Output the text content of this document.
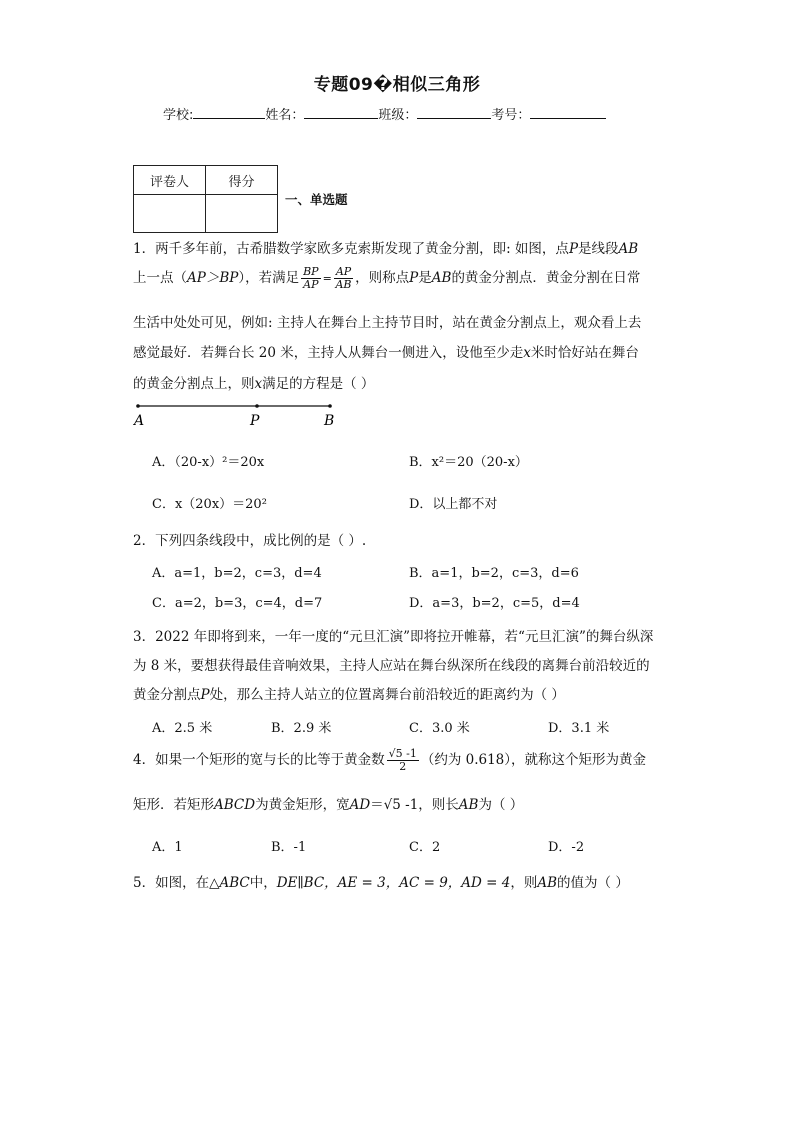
专题09�相似三角形
学校:	姓名：	班级：	考号：
评卷人	得分

一、单选题
1．两千多年前，古希腊数学家欧多克索斯发现了黄金分割，即: 如图，点P是线段AB
上一点（AP＞BP），若满足 $\frac{BP}{AP} = \frac{AP}{AB}$ ，则称点P是AB的黄金分割点．黄金分割在日常
生活中处处可见，例如: 主持人在舞台上主持节目时，站在黄金分割点上，观众看上去
感觉最好．若舞台长 20 米，主持人从舞台一侧进入，设他至少走x米时恰好站在舞台
的黄金分割点上，则x满足的方程是（ ）
A	P	B
A．（20-x）²＝20x	B．x²＝20（20-x）
C．x（20x）＝20²	D．以上都不对
2．下列四条线段中，成比例的是（ ）.
A．a=1，b=2，c=3，d=4	B．a=1，b=2，c=3，d=6
C．a=2，b=3，c=4，d=7	D．a=3，b=2，c=5，d=4
3．2022 年即将到来，一年一度的“元旦汇演”即将拉开帷幕，若“元旦汇演”的舞台纵深
为 8 米，要想获得最佳音响效果，主持人应站在舞台纵深所在线段的离舞台前沿较近的
黄金分割点P处，那么主持人站立的位置离舞台前沿较近的距离约为（ ）
A．2.5 米	B．2.9 米	C．3.0 米	D．3.1 米
4．如果一个矩形的宽与长的比等于黄金数 $\frac{√5 -1}{2}$ （约为 0.618），就称这个矩形为黄金
矩形．若矩形ABCD为黄金矩形，宽AD＝√5 -1，则长AB为（ ）
A．1	B．-1	C．2	D．-2
5．如图，在△ABC中，DE∥BC，AE = 3，AC = 9，AD = 4，则AB的值为（ ）
